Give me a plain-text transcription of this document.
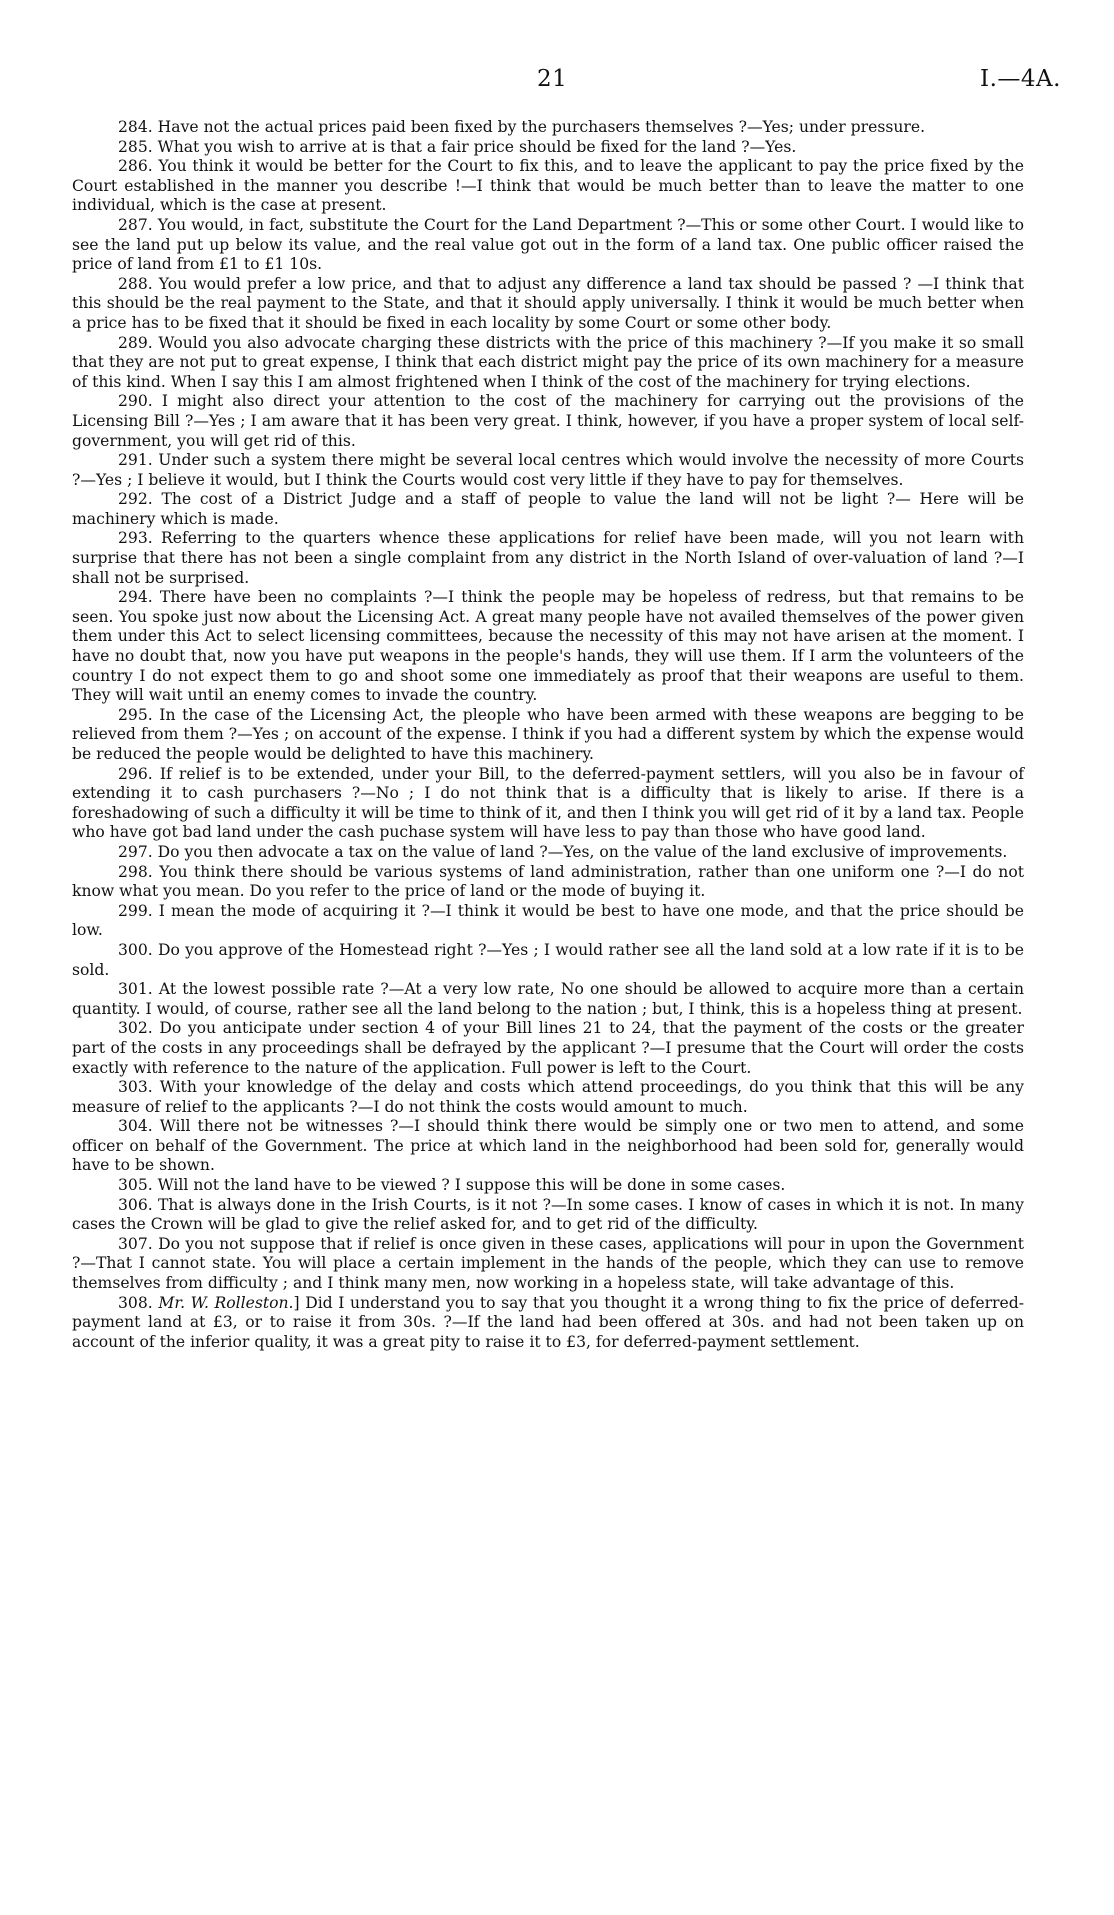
21	I.—4A.

284. Have not the actual prices paid been fixed by the purchasers themselves ?—Yes; under pressure.

285. What you wish to arrive at is that a fair price should be fixed for the land ?—Yes.

286. You think it would be better for the Court to fix this, and to leave the applicant to pay the price fixed by the Court established in the manner you describe !—I think that would be much better than to leave the matter to one individual, which is the case at present.

287. You would, in fact, substitute the Court for the Land Department ?—This or some other Court. I would like to see the land put up below its value, and the real value got out in the form of a land tax. One public officer raised the price of land from £1 to £1 10s.

288. You would prefer a low price, and that to adjust any difference a land tax should be passed ? —I think that this should be the real payment to the State, and that it should apply universally. I think it would be much better when a price has to be fixed that it should be fixed in each locality by some Court or some other body.

289. Would you also advocate charging these districts with the price of this machinery ?—If you make it so small that they are not put to great expense, I think that each district might pay the price of its own machinery for a measure of this kind. When I say this I am almost frightened when I think of the cost of the machinery for trying elections.

290. I might also direct your attention to the cost of the machinery for carrying out the provisions of the Licensing Bill ?—Yes ; I am aware that it has been very great. I think, however, if you have a proper system of local self-government, you will get rid of this.

291. Under such a system there might be several local centres which would involve the necessity of more Courts ?—Yes ; I believe it would, but I think the Courts would cost very little if they have to pay for themselves.

292. The cost of a District Judge and a staff of people to value the land will not be light ?— Here will be machinery which is made.

293. Referring to the quarters whence these applications for relief have been made, will you not learn with surprise that there has not been a single complaint from any district in the North Island of over-valuation of land ?—I shall not be surprised.

294. There have been no complaints ?—I think the people may be hopeless of redress, but that remains to be seen. You spoke just now about the Licensing Act. A great many people have not availed themselves of the power given them under this Act to select licensing committees, because the necessity of this may not have arisen at the moment. I have no doubt that, now you have put weapons in the people's hands, they will use them. If I arm the volunteers of the country I do not expect them to go and shoot some one immediately as proof that their weapons are useful to them. They will wait until an enemy comes to invade the country.

295. In the case of the Licensing Act, the pleople who have been armed with these weapons are begging to be relieved from them ?—Yes ; on account of the expense. I think if you had a different system by which the expense would be reduced the people would be delighted to have this machinery.

296. If relief is to be extended, under your Bill, to the deferred-payment settlers, will you also be in favour of extending it to cash purchasers ?—No ; I do not think that is a difficulty that is likely to arise. If there is a foreshadowing of such a difficulty it will be time to think of it, and then I think you will get rid of it by a land tax. People who have got bad land under the cash puchase system will have less to pay than those who have good land.

297. Do you then advocate a tax on the value of land ?—Yes, on the value of the land exclusive of improvements.

298. You think there should be various systems of land administration, rather than one uniform one ?—I do not know what you mean. Do you refer to the price of land or the mode of buying it.

299. I mean the mode of acquiring it ?—I think it would be best to have one mode, and that the price should be low.

300. Do you approve of the Homestead right ?—Yes ; I would rather see all the land sold at a low rate if it is to be sold.

301. At the lowest possible rate ?—At a very low rate, No one should be allowed to acquire more than a certain quantity. I would, of course, rather see all the land belong to the nation ; but, I think, this is a hopeless thing at present.

302. Do you anticipate under section 4 of your Bill lines 21 to 24, that the payment of the costs or the greater part of the costs in any proceedings shall be defrayed by the applicant ?—I presume that the Court will order the costs exactly with reference to the nature of the application. Full power is left to the Court.

303. With your knowledge of the delay and costs which attend proceedings, do you think that this will be any measure of relief to the applicants ?—I do not think the costs would amount to much.

304. Will there not be witnesses ?—I should think there would be simply one or two men to attend, and some officer on behalf of the Government. The price at which land in the neighborhood had been sold for, generally would have to be shown.

305. Will not the land have to be viewed ? I suppose this will be done in some cases.

306. That is always done in the Irish Courts, is it not ?—In some cases. I know of cases in which it is not. In many cases the Crown will be glad to give the relief asked for, and to get rid of the difficulty.

307. Do you not suppose that if relief is once given in these cases, applications will pour in upon the Government ?—That I cannot state. You will place a certain implement in the hands of the people, which they can use to remove themselves from difficulty ; and I think many men, now working in a hopeless state, will take advantage of this.

308. Mr. W. Rolleston.] Did I understand you to say that you thought it a wrong thing to fix the price of deferred-payment land at £3, or to raise it from 30s. ?—If the land had been offered at 30s. and had not been taken up on account of the inferior quality, it was a great pity to raise it to £3, for deferred-payment settlement.
